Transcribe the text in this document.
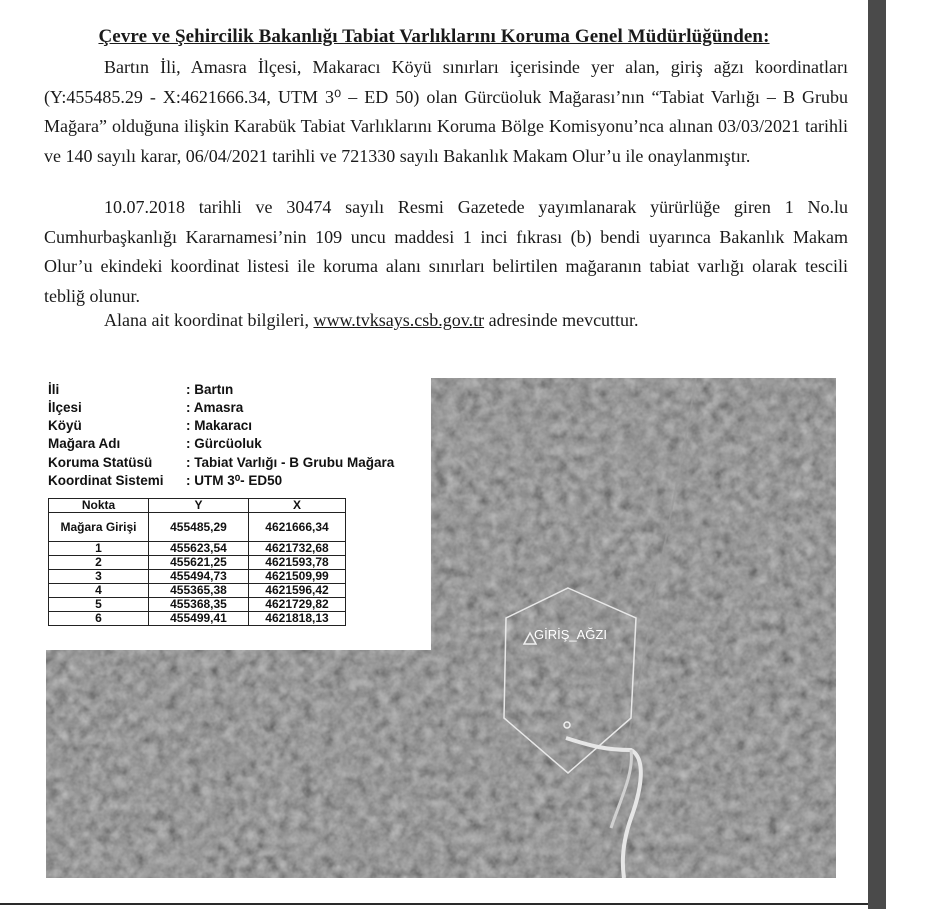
Çevre ve Şehircilik Bakanlığı Tabiat Varlıklarını Koruma Genel Müdürlüğünden:

Bartın İli, Amasra İlçesi, Makaracı Köyü sınırları içerisinde yer alan, giriş ağzı koordinatları (Y:455485.29 - X:4621666.34, UTM 3⁰ – ED 50) olan Gürcüoluk Mağarası’nın “Tabiat Varlığı – B Grubu Mağara” olduğuna ilişkin Karabük Tabiat Varlıklarını Koruma Bölge Komisyonu’nca alınan 03/03/2021 tarihli ve 140 sayılı karar, 06/04/2021 tarihli ve 721330 sayılı Bakanlık Makam Olur’u ile onaylanmıştır.

10.07.2018 tarihli ve 30474 sayılı Resmi Gazetede yayımlanarak yürürlüğe giren 1 No.lu Cumhurbaşkanlığı Kararnamesi’nin 109 uncu maddesi 1 inci fıkrası (b) bendi uyarınca Bakanlık Makam Olur’u ekindeki koordinat listesi ile koruma alanı sınırları belirtilen mağaranın tabiat varlığı olarak tescili tebliğ olunur.

Alana ait koordinat bilgileri, www.tvksays.csb.gov.tr adresinde mevcuttur.

GİRİŞ_AĞZI
İli	: Bartın
İlçesi	: Amasra
Köyü	: Makaracı
Mağara Adı	: Gürcüoluk
Koruma Statüsü : Tabiat Varlığı - B Grubu Mağara
Koordinat Sistemi : UTM 3⁰- ED50
Nokta	Y	X
Mağara Girişi	455485,29	4621666,34
1	455623,54	4621732,68
2	455621,25	4621593,78
3	455494,73	4621509,99
4	455365,38	4621596,42
5	455368,35	4621729,82
6	455499,41	4621818,13
